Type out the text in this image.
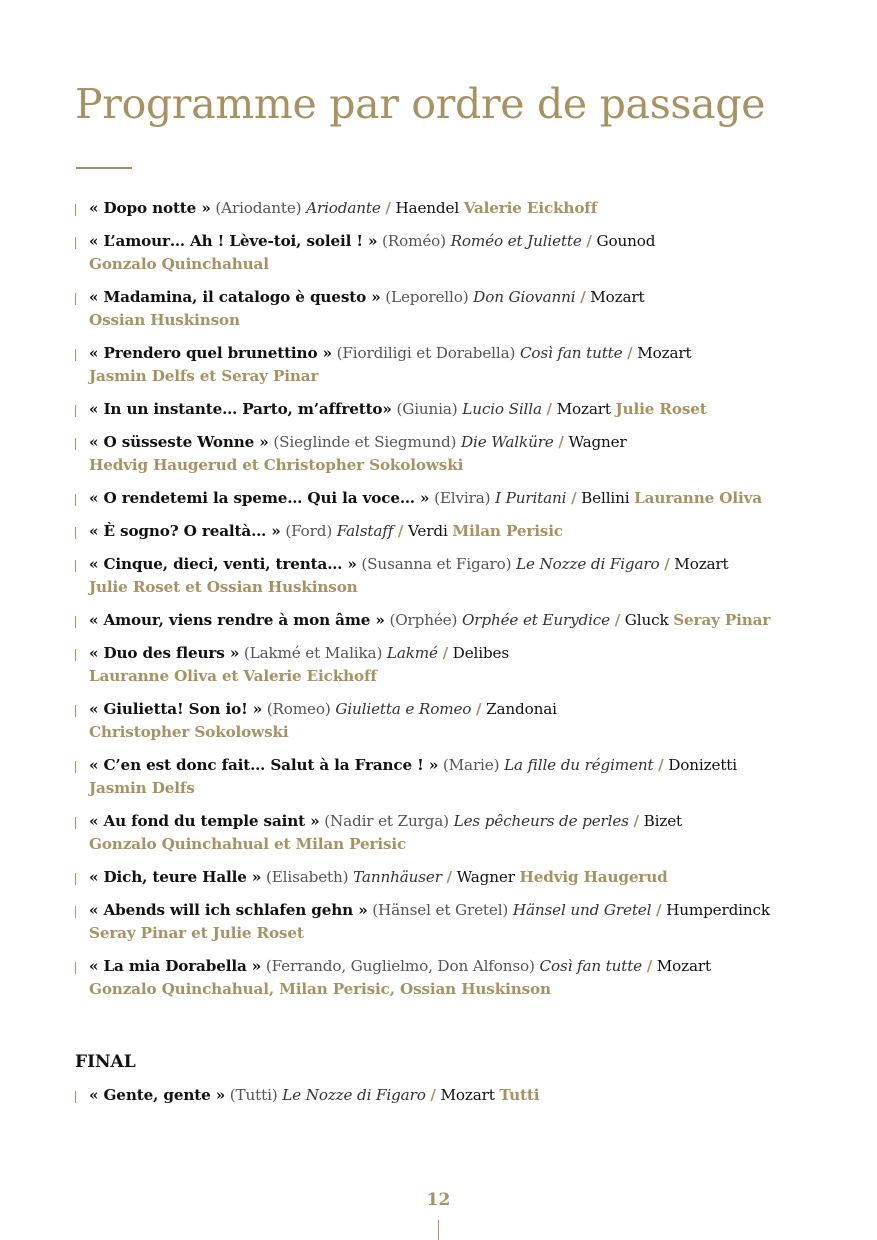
Programme par ordre de passage
« Dopo notte » (Ariodante) Ariodante / Haendel Valerie Eickhoff
« L’amour… Ah ! Lève-toi, soleil ! » (Roméo) Roméo et Juliette / Gounod
Gonzalo Quinchahual
« Madamina, il catalogo è questo » (Leporello) Don Giovanni / Mozart
Ossian Huskinson
« Prendero quel brunettino » (Fiordiligi et Dorabella) Così fan tutte / Mozart
Jasmin Delfs et Seray Pinar
« In un instante… Parto, m’affretto» (Giunia) Lucio Silla / Mozart Julie Roset
« O süsseste Wonne » (Sieglinde et Siegmund) Die Walküre / Wagner
Hedvig Haugerud et Christopher Sokolowski
« O rendetemi la speme… Qui la voce… » (Elvira) I Puritani / Bellini Lauranne Oliva
« È sogno? O realtà… » (Ford) Falstaff / Verdi Milan Perisic
« Cinque, dieci, venti, trenta… » (Susanna et Figaro) Le Nozze di Figaro / Mozart
Julie Roset et Ossian Huskinson
« Amour, viens rendre à mon âme » (Orphée) Orphée et Eurydice / Gluck Seray Pinar
« Duo des fleurs » (Lakmé et Malika) Lakmé / Delibes
Lauranne Oliva et Valerie Eickhoff
« Giulietta! Son io! » (Romeo) Giulietta e Romeo / Zandonai
Christopher Sokolowski
« C’en est donc fait… Salut à la France ! » (Marie) La fille du régiment / Donizetti
Jasmin Delfs
« Au fond du temple saint » (Nadir et Zurga) Les pêcheurs de perles / Bizet
Gonzalo Quinchahual et Milan Perisic
« Dich, teure Halle » (Elisabeth) Tannhäuser / Wagner Hedvig Haugerud
« Abends will ich schlafen gehn » (Hänsel et Gretel) Hänsel und Gretel / Humperdinck
Seray Pinar et Julie Roset
« La mia Dorabella » (Ferrando, Guglielmo, Don Alfonso) Così fan tutte / Mozart
Gonzalo Quinchahual, Milan Perisic, Ossian Huskinson
FINAL
« Gente, gente » (Tutti) Le Nozze di Figaro / Mozart Tutti
12
